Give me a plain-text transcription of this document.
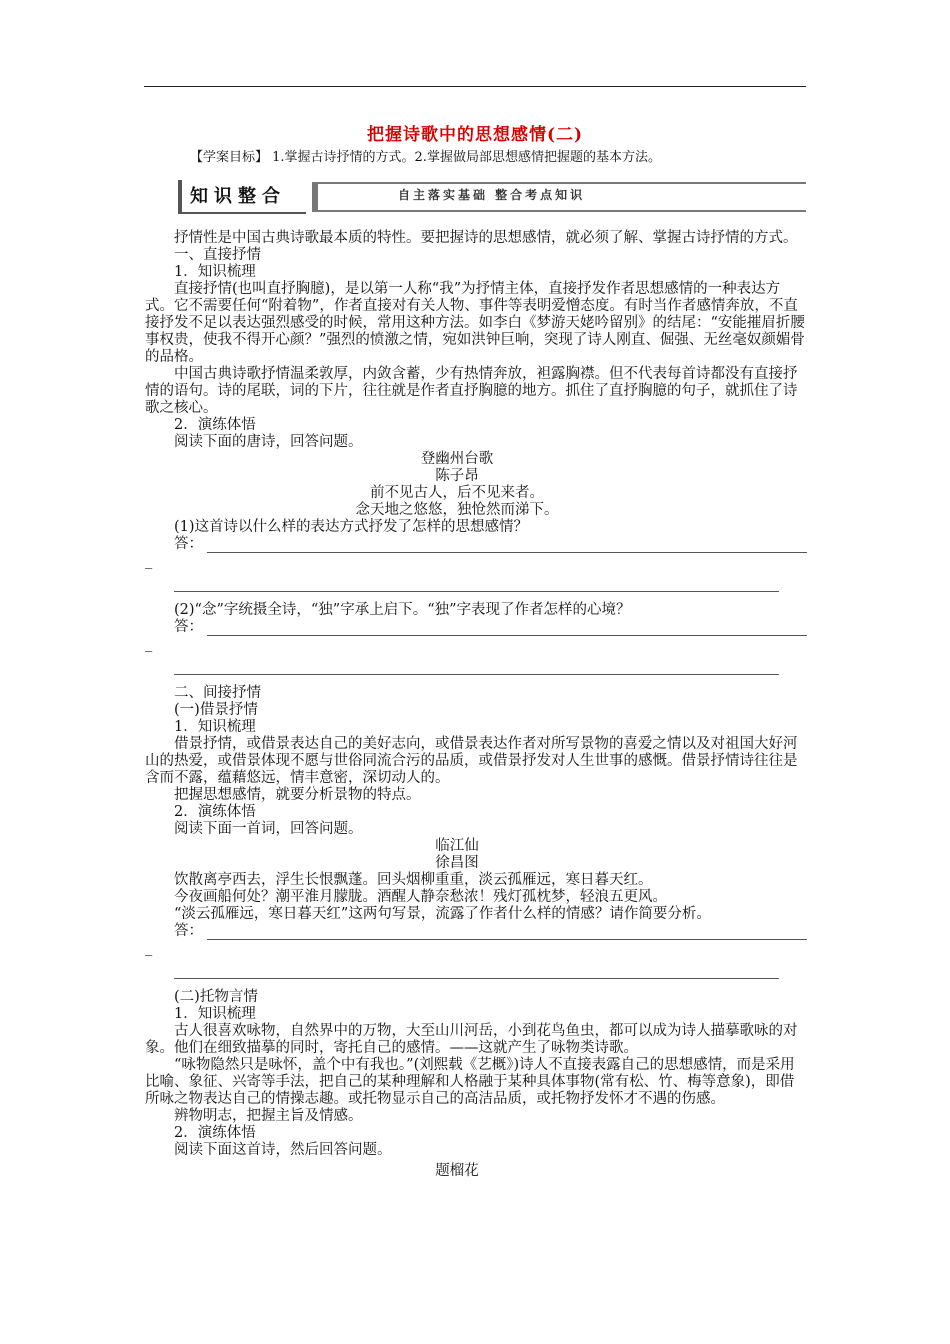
把握诗歌中的思想感情(二)
【学案目标】 1.掌握古诗抒情的方式。2.掌握做局部思想感情把握题的基本方法。
知识整合	自主落实基础 整合考点知识

抒情性是中国古典诗歌最本质的特性。要把握诗的思想感情，就必须了解、掌握古诗抒情的方式。

一、直接抒情

1．知识梳理

直接抒情(也叫直抒胸臆)，是以第一人称“我”为抒情主体，直接抒发作者思想感情的一种表达方式。它不需要任何“附着物”，作者直接对有关人物、事件等表明爱憎态度。有时当作者感情奔放，不直接抒发不足以表达强烈感受的时候，常用这种方法。如李白《梦游天姥吟留别》的结尾：“安能摧眉折腰事权贵，使我不得开心颜？”强烈的愤激之情，宛如洪钟巨响，突现了诗人刚直、倔强、无丝毫奴颜媚骨的品格。

中国古典诗歌抒情温柔敦厚，内敛含蓄，少有热情奔放，袒露胸襟。但不代表每首诗都没有直接抒情的语句。诗的尾联，词的下片，往往就是作者直抒胸臆的地方。抓住了直抒胸臆的句子，就抓住了诗歌之核心。

2．演练体悟

阅读下面的唐诗，回答问题。

登幽州台歌

陈子昂

前不见古人，后不见来者。

念天地之悠悠，独怆然而涕下。

(1)这首诗以什么样的表达方式抒发了怎样的思想感情？

答：

_

(2)“念”字统摄全诗，“独”字承上启下。“独”字表现了作者怎样的心境？

答：

_

二、间接抒情

(一)借景抒情

1．知识梳理

借景抒情，或借景表达自己的美好志向，或借景表达作者对所写景物的喜爱之情以及对祖国大好河山的热爱，或借景体现不愿与世俗同流合污的品质，或借景抒发对人生世事的感慨。借景抒情诗往往是含而不露，蕴藉悠远，情丰意密，深切动人的。

把握思想感情，就要分析景物的特点。

2．演练体悟

阅读下面一首词，回答问题。

临江仙

徐昌图

饮散离亭西去，浮生长恨飘蓬。回头烟柳重重，淡云孤雁远，寒日暮天红。

今夜画船何处？潮平淮月朦胧。酒醒人静奈愁浓！残灯孤枕梦，轻浪五更风。

“淡云孤雁远，寒日暮天红”这两句写景，流露了作者什么样的情感？请作简要分析。

答：

_

(二)托物言情

1．知识梳理

古人很喜欢咏物，自然界中的万物，大至山川河岳，小到花鸟鱼虫，都可以成为诗人描摹歌咏的对象。他们在细致描摹的同时，寄托自己的感情。——这就产生了咏物类诗歌。

“咏物隐然只是咏怀，盖个中有我也。”(刘熙载《艺概》)诗人不直接表露自己的思想感情，而是采用比喻、象征、兴寄等手法，把自己的某种理解和人格融于某种具体事物(常有松、竹、梅等意象)，即借所咏之物表达自己的情操志趣。或托物显示自己的高洁品质，或托物抒发怀才不遇的伤感。

辨物明志，把握主旨及情感。

2．演练体悟

阅读下面这首诗，然后回答问题。

题榴花
